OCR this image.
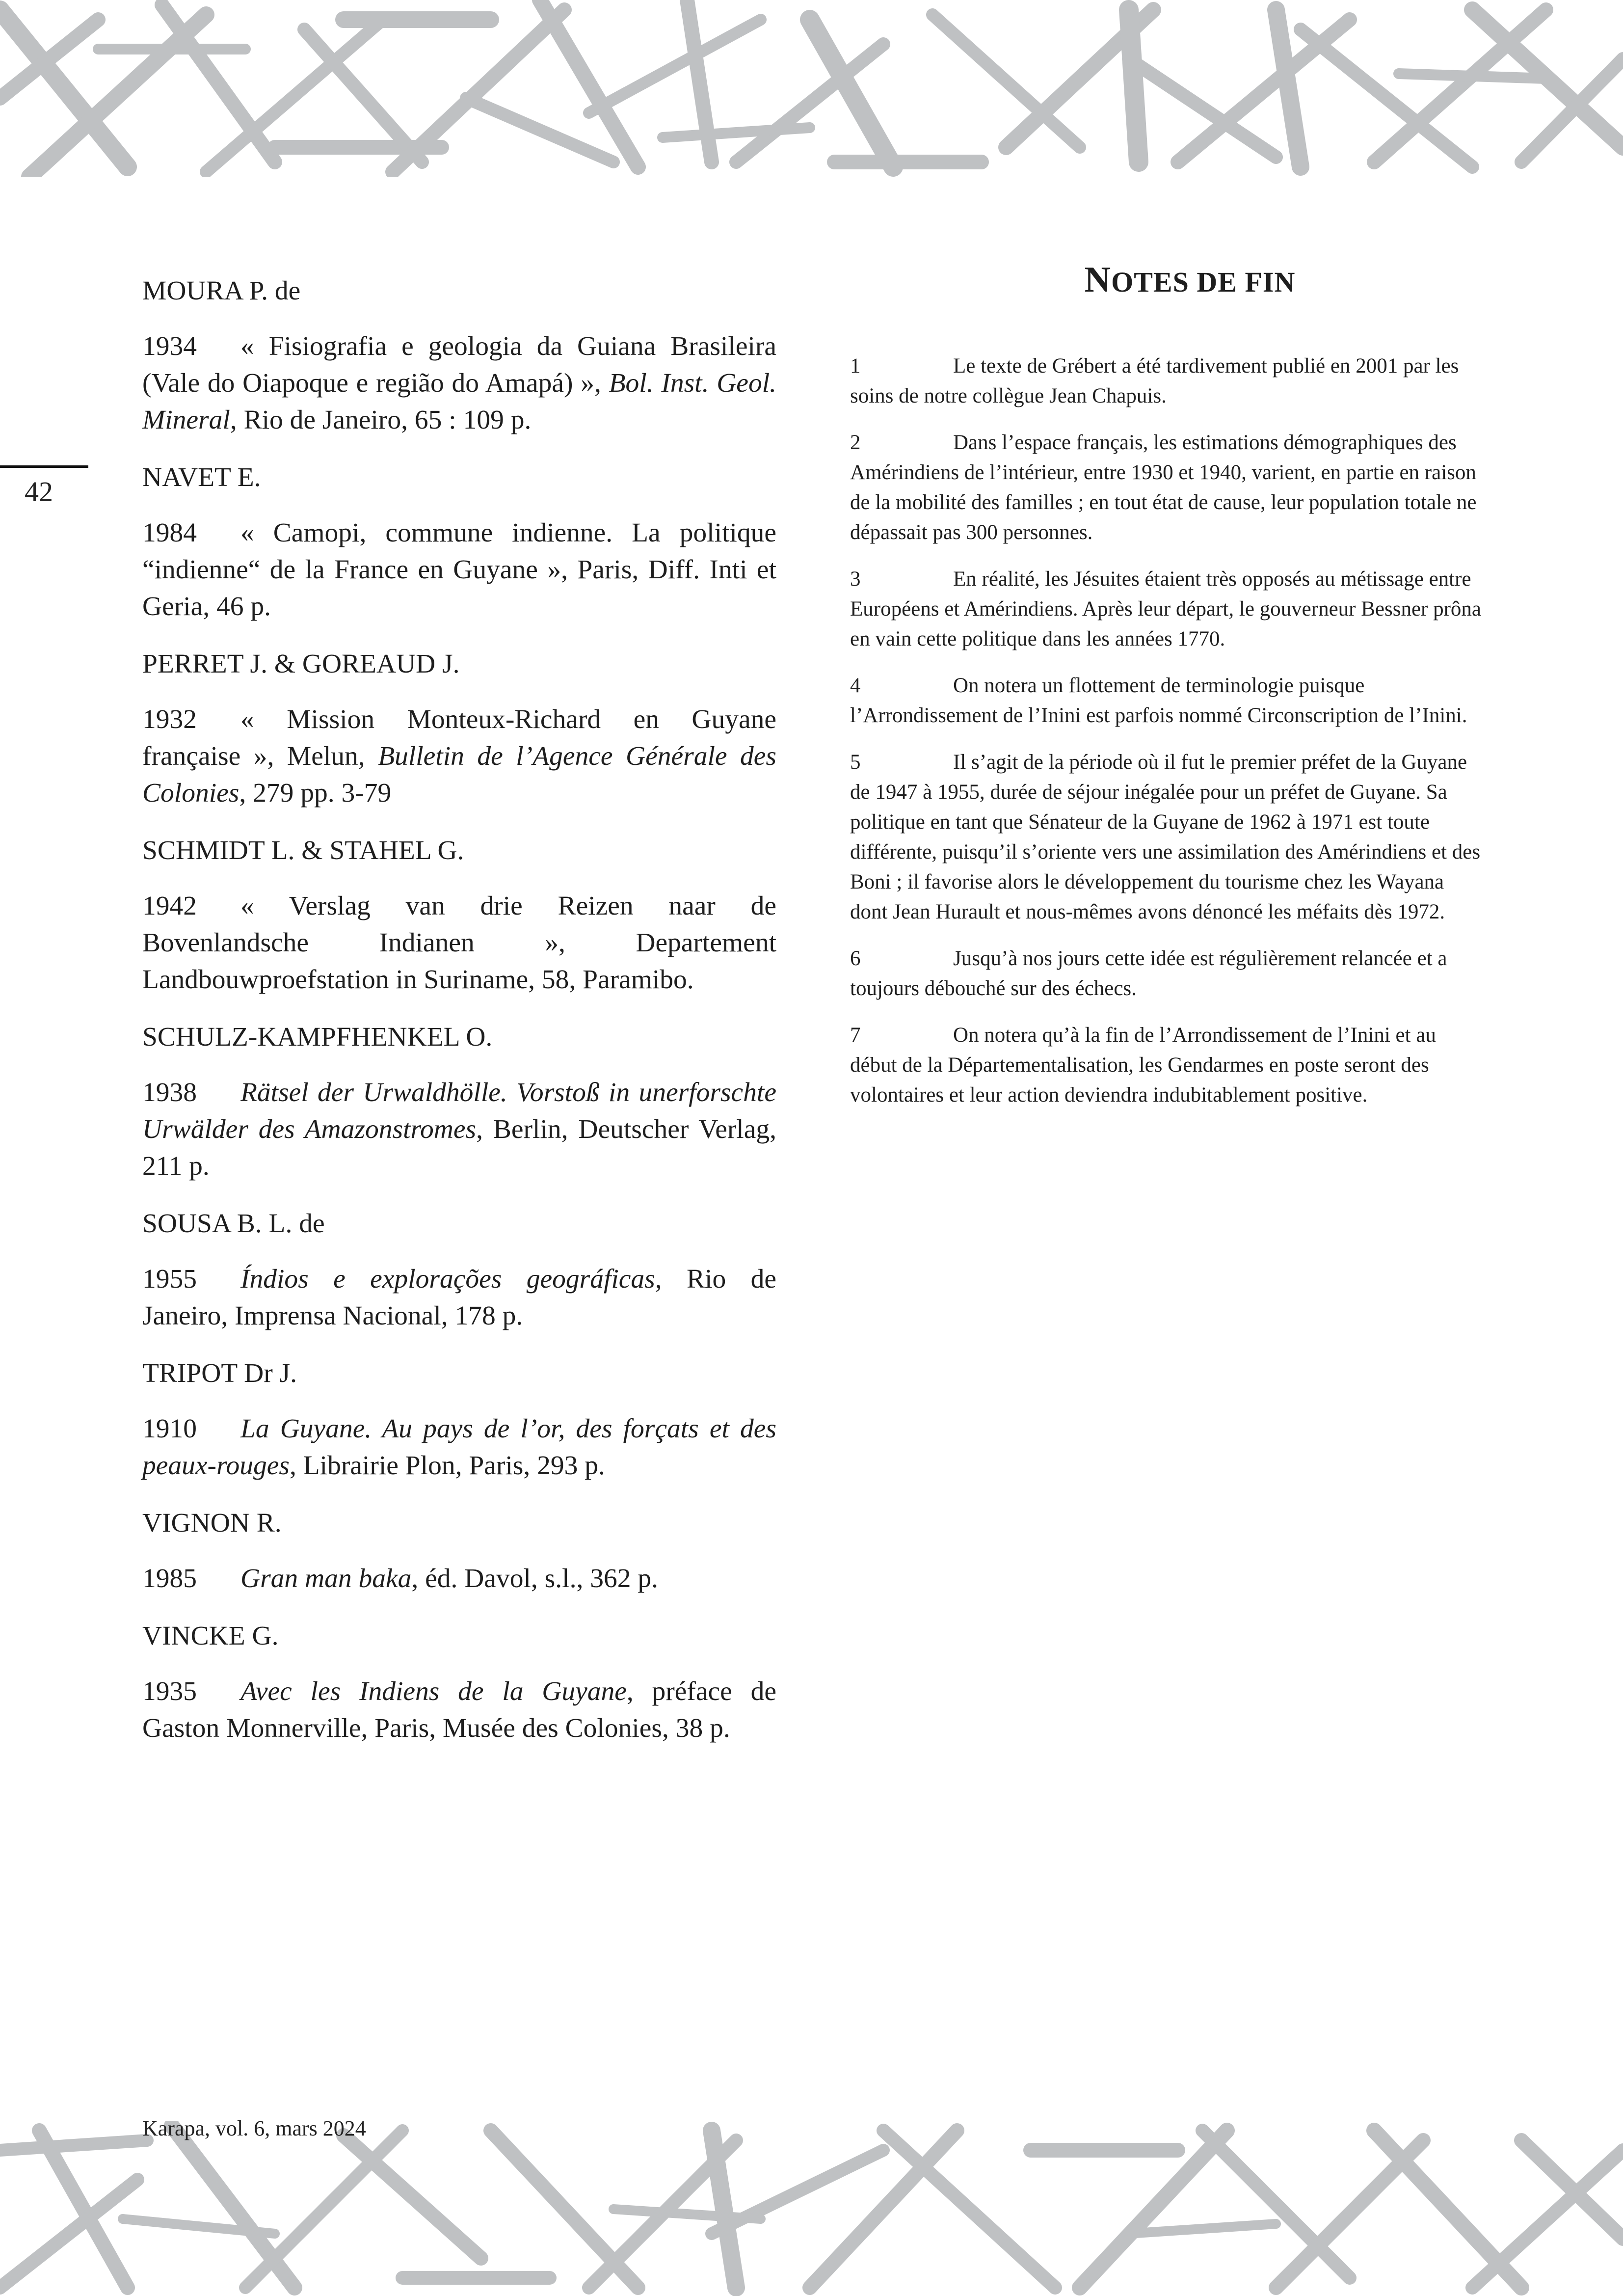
42

MOURA P. de

1934 « Fisiografia e geologia da Guiana Brasileira (Vale do Oiapoque e região do Amapá) », Bol. Inst. Geol. Mineral, Rio de Janeiro, 65 : 109 p.

NAVET E.

1984 « Camopi, commune indienne. La politique “indienne“ de la France en Guyane », Paris, Diff. Inti et Geria, 46 p.

PERRET J. & GOREAUD J.

1932 « Mission Monteux-Richard en Guyane française », Melun, Bulletin de l’Agence Générale des Colonies, 279 pp. 3-79

SCHMIDT L. & STAHEL G.

1942 « Verslag van drie Reizen naar de Bovenlandsche Indianen », Departement Landbouwproefstation in Suriname, 58, Paramibo.

SCHULZ-KAMPFHENKEL O.

1938 Rätsel der Urwaldhölle. Vorstoß in unerforschte Urwälder des Amazonstromes, Berlin, Deutscher Verlag, 211 p.

SOUSA B. L. de

1955 Índios e explorações geográficas, Rio de Janeiro, Imprensa Nacional, 178 p.

TRIPOT Dr J.

1910 La Guyane. Au pays de l’or, des forçats et des peaux-rouges, Librairie Plon, Paris, 293 p.

VIGNON R.

1985 Gran man baka, éd. Davol, s.l., 362 p.

VINCKE G.

1935 Avec les Indiens de la Guyane, préface de Gaston Monnerville, Paris, Musée des Colonies, 38 p.

NOTES DE FIN

1	Le texte de Grébert a été tardivement publié en 2001 par les soins de notre collègue Jean Chapuis.

2	Dans l’espace français, les estimations démographiques des Amérindiens de l’intérieur, entre 1930 et 1940, varient, en partie en raison de la mobilité des familles ; en tout état de cause, leur population totale ne dépassait pas 300 personnes.

3	En réalité, les Jésuites étaient très opposés au métissage entre Européens et Amérindiens. Après leur départ, le gouverneur Bessner prôna en vain cette politique dans les années 1770.

4	On notera un flottement de terminologie puisque l’Arrondissement de l’Inini est parfois nommé Circonscription de l’Inini.

5	Il s’agit de la période où il fut le premier préfet de la Guyane de 1947 à 1955, durée de séjour inégalée pour un préfet de Guyane. Sa politique en tant que Sénateur de la Guyane de 1962 à 1971 est toute différente, puisqu’il s’oriente vers une assimilation des Amérindiens et des Boni ; il favorise alors le développement du tourisme chez les Wayana dont Jean Hurault et nous-mêmes avons dénoncé les méfaits dès 1972.

6	Jusqu’à nos jours cette idée est régulièrement relancée et a toujours débouché sur des échecs.

7	On notera qu’à la fin de l’Arrondissement de l’Inini et au début de la Départementalisation, les Gendarmes en poste seront des volontaires et leur action deviendra indubitablement positive.

Karapa, vol. 6, mars 2024
